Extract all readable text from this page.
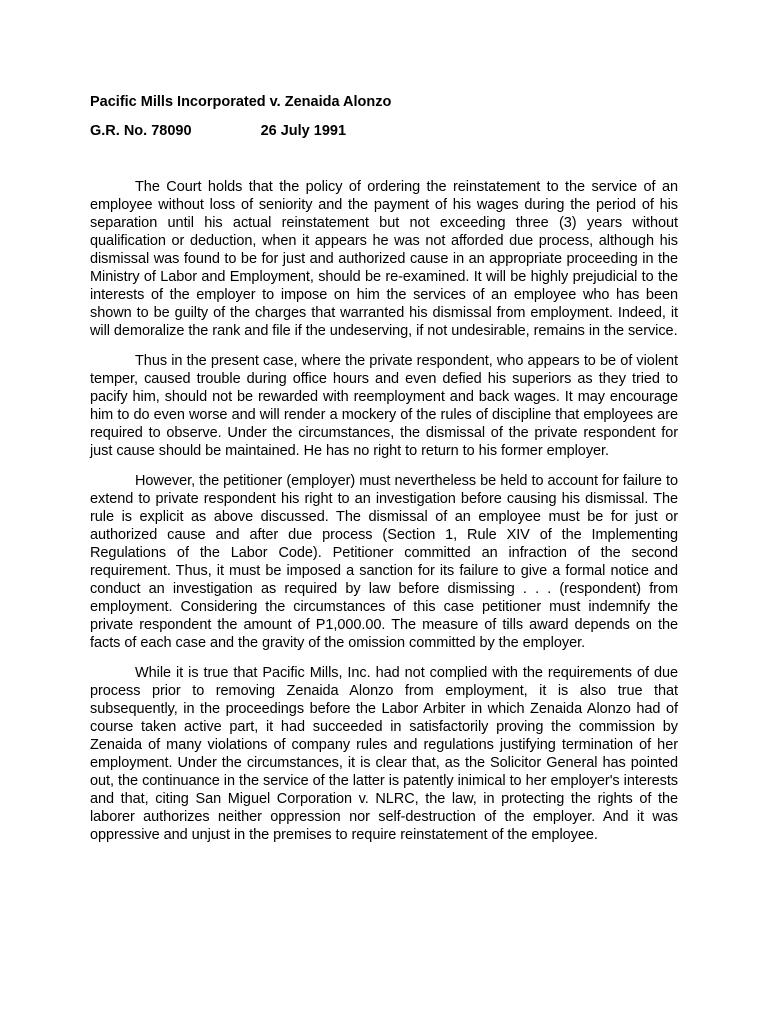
Pacific Mills Incorporated v. Zenaida Alonzo

G.R. No. 78090	26 July 1991

The Court holds that the policy of ordering the reinstatement to the service of an employee without loss of seniority and the payment of his wages during the period of his separation until his actual reinstatement but not exceeding three (3) years without qualification or deduction, when it appears he was not afforded due process, although his dismissal was found to be for just and authorized cause in an appropriate proceeding in the Ministry of Labor and Employment, should be re-examined. It will be highly prejudicial to the interests of the employer to impose on him the services of an employee who has been shown to be guilty of the charges that warranted his dismissal from employment. Indeed, it will demoralize the rank and file if the undeserving, if not undesirable, remains in the service.

Thus in the present case, where the private respondent, who appears to be of violent temper, caused trouble during office hours and even defied his superiors as they tried to pacify him, should not be rewarded with reemployment and back wages. It may encourage him to do even worse and will render a mockery of the rules of discipline that employees are required to observe. Under the circumstances, the dismissal of the private respondent for just cause should be maintained. He has no right to return to his former employer.

However, the petitioner (employer) must nevertheless be held to account for failure to extend to private respondent his right to an investigation before causing his dismissal. The rule is explicit as above discussed. The dismissal of an employee must be for just or authorized cause and after due process (Section 1, Rule XIV of the Implementing Regulations of the Labor Code). Petitioner committed an infraction of the second requirement. Thus, it must be imposed a sanction for its failure to give a formal notice and conduct an investigation as required by law before dismissing . . . (respondent) from employment. Considering the circumstances of this case petitioner must indemnify the private respondent the amount of P1,000.00. The measure of tills award depends on the facts of each case and the gravity of the omission committed by the employer.

While it is true that Pacific Mills, Inc. had not complied with the requirements of due process prior to removing Zenaida Alonzo from employment, it is also true that subsequently, in the proceedings before the Labor Arbiter in which Zenaida Alonzo had of course taken active part, it had succeeded in satisfactorily proving the commission by Zenaida of many violations of company rules and regulations justifying termination of her employment. Under the circumstances, it is clear that, as the Solicitor General has pointed out, the continuance in the service of the latter is patently inimical to her employer's interests and that, citing San Miguel Corporation v. NLRC, the law, in protecting the rights of the laborer authorizes neither oppression nor self-destruction of the employer. And it was oppressive and unjust in the premises to require reinstatement of the employee.
